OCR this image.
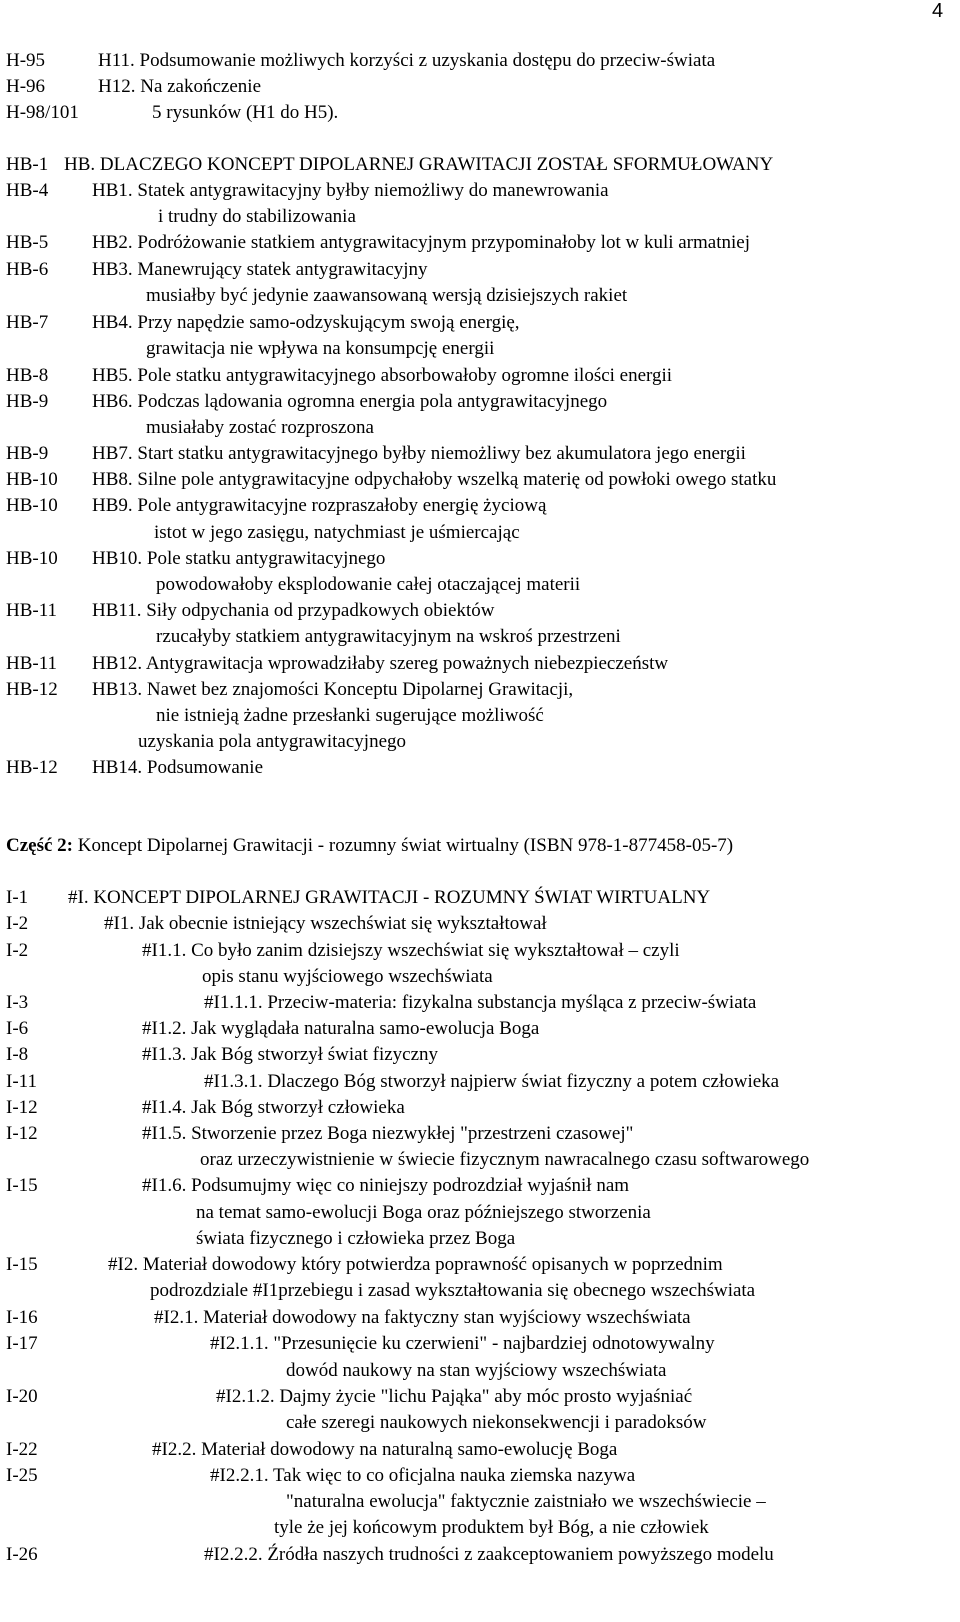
4
H-95	H11. Podsumowanie możliwych korzyści z uzyskania dostępu do przeciw-świata
H-96	H12. Na zakończenie
H-98/101	5 rysunków (H1 do H5).
HB-1 HB. DLACZEGO KONCEPT DIPOLARNEJ GRAWITACJI ZOSTAŁ SFORMUŁOWANY
HB-4 HB1. Statek antygrawitacyjny byłby niemożliwy do manewrowania
i trudny do stabilizowania
HB-5 HB2. Podróżowanie statkiem antygrawitacyjnym przypominałoby lot w kuli armatniej
HB-6 HB3. Manewrujący statek antygrawitacyjny
musiałby być jedynie zaawansowaną wersją dzisiejszych rakiet
HB-7 HB4. Przy napędzie samo-odzyskującym swoją energię,
grawitacja nie wpływa na konsumpcję energii
HB-8 HB5. Pole statku antygrawitacyjnego absorbowałoby ogromne ilości energii
HB-9 HB6. Podczas lądowania ogromna energia pola antygrawitacyjnego
musiałaby zostać rozproszona
HB-9 HB7. Start statku antygrawitacyjnego byłby niemożliwy bez akumulatora jego energii
HB-10 HB8. Silne pole antygrawitacyjne odpychałoby wszelką materię od powłoki owego statku
HB-10 HB9. Pole antygrawitacyjne rozpraszałoby energię życiową
istot w jego zasięgu, natychmiast je uśmiercając
HB-10 HB10. Pole statku antygrawitacyjnego
powodowałoby eksplodowanie całej otaczającej materii
HB-11 HB11. Siły odpychania od przypadkowych obiektów
rzucałyby statkiem antygrawitacyjnym na wskroś przestrzeni
HB-11 HB12. Antygrawitacja wprowadziłaby szereg poważnych niebezpieczeństw
HB-12 HB13. Nawet bez znajomości Konceptu Dipolarnej Grawitacji,
nie istnieją żadne przesłanki sugerujące możliwość
uzyskania pola antygrawitacyjnego
HB-12 HB14. Podsumowanie
Część 2: Koncept Dipolarnej Grawitacji - rozumny świat wirtualny (ISBN 978-1-877458-05-7)
I-1 #I. KONCEPT DIPOLARNEJ GRAWITACJI - ROZUMNY ŚWIAT WIRTUALNY
I-2	#I1. Jak obecnie istniejący wszechświat się wykształtował
I-2	#I1.1. Co było zanim dzisiejszy wszechświat się wykształtował – czyli
opis stanu wyjściowego wszechświata
I-3	#I1.1.1. Przeciw-materia: fizykalna substancja myśląca z przeciw-świata
I-6	#I1.2. Jak wyglądała naturalna samo-ewolucja Boga
I-8	#I1.3. Jak Bóg stworzył świat fizyczny
I-11	#I1.3.1. Dlaczego Bóg stworzył najpierw świat fizyczny a potem człowieka
I-12	#I1.4. Jak Bóg stworzył człowieka
I-12	#I1.5. Stworzenie przez Boga niezwykłej "przestrzeni czasowej"
oraz urzeczywistnienie w świecie fizycznym nawracalnego czasu softwarowego
I-15	#I1.6. Podsumujmy więc co niniejszy podrozdział wyjaśnił nam
na temat samo-ewolucji Boga oraz późniejszego stworzenia
świata fizycznego i człowieka przez Boga
I-15	#I2. Materiał dowodowy który potwierdza poprawność opisanych w poprzednim
podrozdziale #I1przebiegu i zasad wykształtowania się obecnego wszechświata
I-16	#I2.1. Materiał dowodowy na faktyczny stan wyjściowy wszechświata
I-17	#I2.1.1. "Przesunięcie ku czerwieni" - najbardziej odnotowywalny
dowód naukowy na stan wyjściowy wszechświata
I-20	#I2.1.2. Dajmy życie "lichu Pająka" aby móc prosto wyjaśniać
całe szeregi naukowych niekonsekwencji i paradoksów
I-22	#I2.2. Materiał dowodowy na naturalną samo-ewolucję Boga
I-25	#I2.2.1. Tak więc to co oficjalna nauka ziemska nazywa
"naturalna ewolucja" faktycznie zaistniało we wszechświecie –
tyle że jej końcowym produktem był Bóg, a nie człowiek
I-26	#I2.2.2. Źródła naszych trudności z zaakceptowaniem powyższego modelu
